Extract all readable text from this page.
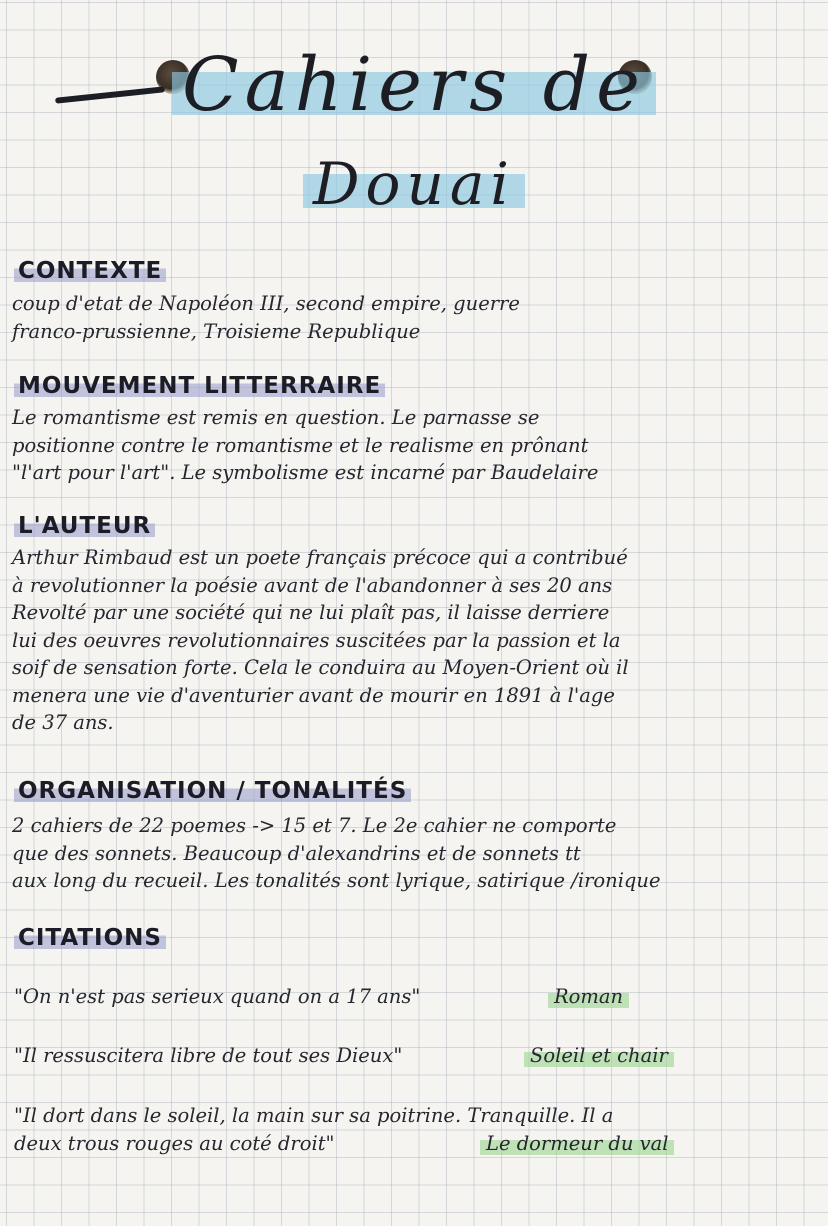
Cahiers de
Douai
CONTEXTE
coup d'etat de Napoléon III, second empire, guerre
franco-prussienne, Troisieme Republique
MOUVEMENT LITTERRAIRE
Le romantisme est remis en question. Le parnasse se
positionne contre le romantisme et le realisme en prônant
"l'art pour l'art". Le symbolisme est incarné par Baudelaire
L'AUTEUR
Arthur Rimbaud est un poete français précoce qui a contribué
à revolutionner la poésie avant de l'abandonner à ses 20 ans
Revolté par une société qui ne lui plaît pas, il laisse derriere
lui des oeuvres revolutionnaires suscitées par la passion et la
soif de sensation forte. Cela le conduira au Moyen-Orient où il
menera une vie d'aventurier avant de mourir en 1891 à l'age
de 37 ans.
ORGANISATION / TONALITÉS
2 cahiers de 22 poemes -> 15 et 7. Le 2e cahier ne comporte
que des sonnets. Beaucoup d'alexandrins et de sonnets tt
aux long du recueil. Les tonalités sont lyrique, satirique /ironique
CITATIONS
"On n'est pas serieux quand on a 17 ans"	Roman
"Il ressuscitera libre de tout ses Dieux"	Soleil et chair
"Il dort dans le soleil, la main sur sa poitrine. Tranquille. Il a
deux trous rouges au coté droit"	Le dormeur du val
